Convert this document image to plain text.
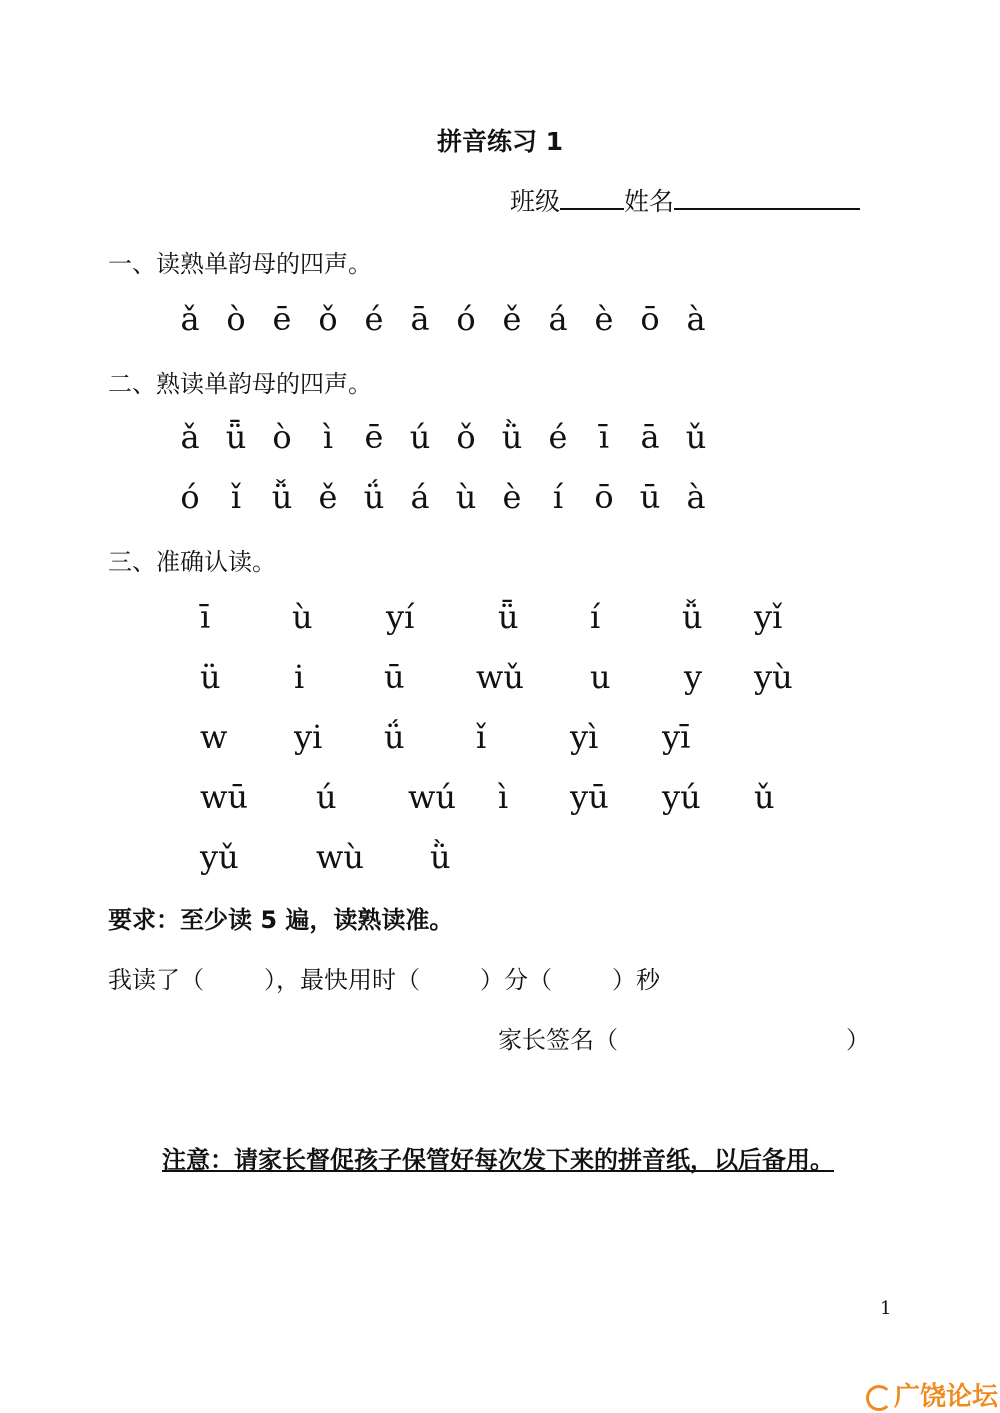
拼音练习 1
班级	姓名
一、读熟单韵母的四声。
ǎ ò ē ǒ é ā ó ě á è ō à
二、熟读单韵母的四声。
ǎ ǖ ò ì ē ú ǒ ǜ é ī ā ǔ
ó ǐ ǚ ě ǘ á ù è í ō ū à
三、准确认读。
ī	ù	yí	ǖ	í	ǚ	yǐ
ü	i	ū	wǔ	u	y	yù
w	yi	ǘ	ǐ	yì	yī
wū	ú	wú	ì	yū	yú	ǔ
yǔ	wù	ǜ
要求：至少读 5 遍，读熟读准。
我读了（	），最快用时（	）分（	）秒
家长签名（	）
注意：请家长督促孩子保管好每次发下来的拼音纸，以后备用。
1
广饶论坛
